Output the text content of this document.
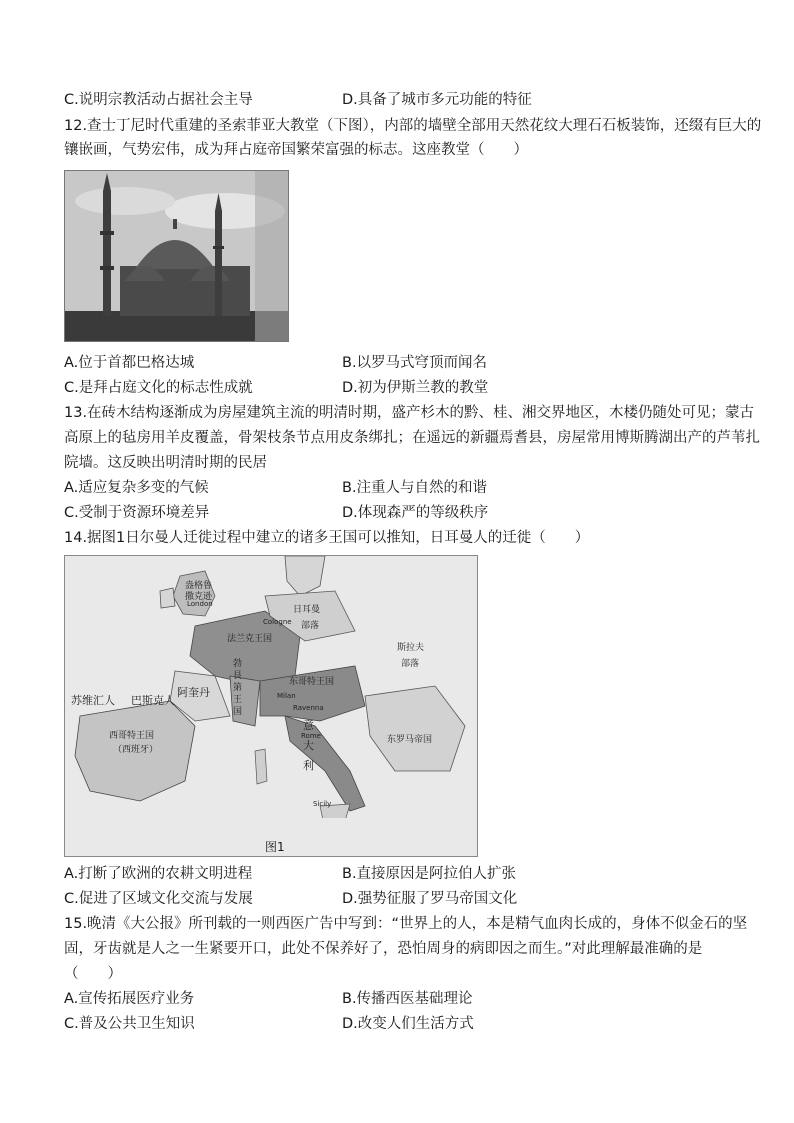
C.说明宗教活动占据社会主导	D.具备了城市多元功能的特征
12.查士丁尼时代重建的圣索菲亚大教堂（下图），内部的墙壁全部用天然花纹大理石石板装饰，还缀有巨大的
镶嵌画，气势宏伟，成为拜占庭帝国繁荣富强的标志。这座教堂（　　）
A.位于首都巴格达城	B.以罗马式穹顶而闻名
C.是拜占庭文化的标志性成就	D.初为伊斯兰教的教堂
13.在砖木结构逐渐成为房屋建筑主流的明清时期，盛产杉木的黔、桂、湘交界地区，木楼仍随处可见；蒙古
高原上的毡房用羊皮覆盖，骨架枝条节点用皮条绑扎；在遥远的新疆焉耆县，房屋常用博斯腾湖出产的芦苇扎
院墙。这反映出明清时期的民居
A.适应复杂多变的气候	B.注重人与自然的和谐
C.受制于资源环境差异	D.体现森严的等级秩序
14.据图1日尔曼人迁徙过程中建立的诸多王国可以推知，日耳曼人的迁徙（　　）
盎格鲁
撒克逊
London
日耳曼
部落
Cologne
法兰克王国
斯拉夫
部落
勃艮第王国
东哥特王国
苏维汇人 巴斯克人
阿奎丹
西哥特王国
（西班牙）
Milan
Ravenna
意大利
Rome	东罗马帝国
Sicily
图1
A.打断了欧洲的农耕文明进程	B.直接原因是阿拉伯人扩张
C.促进了区域文化交流与发展	D.强势征服了罗马帝国文化
15.晚清《大公报》所刊载的一则西医广告中写到：“世界上的人，本是精气血肉长成的，身体不似金石的坚
固，牙齿就是人之一生紧要开口，此处不保养好了，恐怕周身的病即因之而生。”对此理解最准确的是
（　　）
A.宣传拓展医疗业务	B.传播西医基础理论
C.普及公共卫生知识	D.改变人们生活方式
